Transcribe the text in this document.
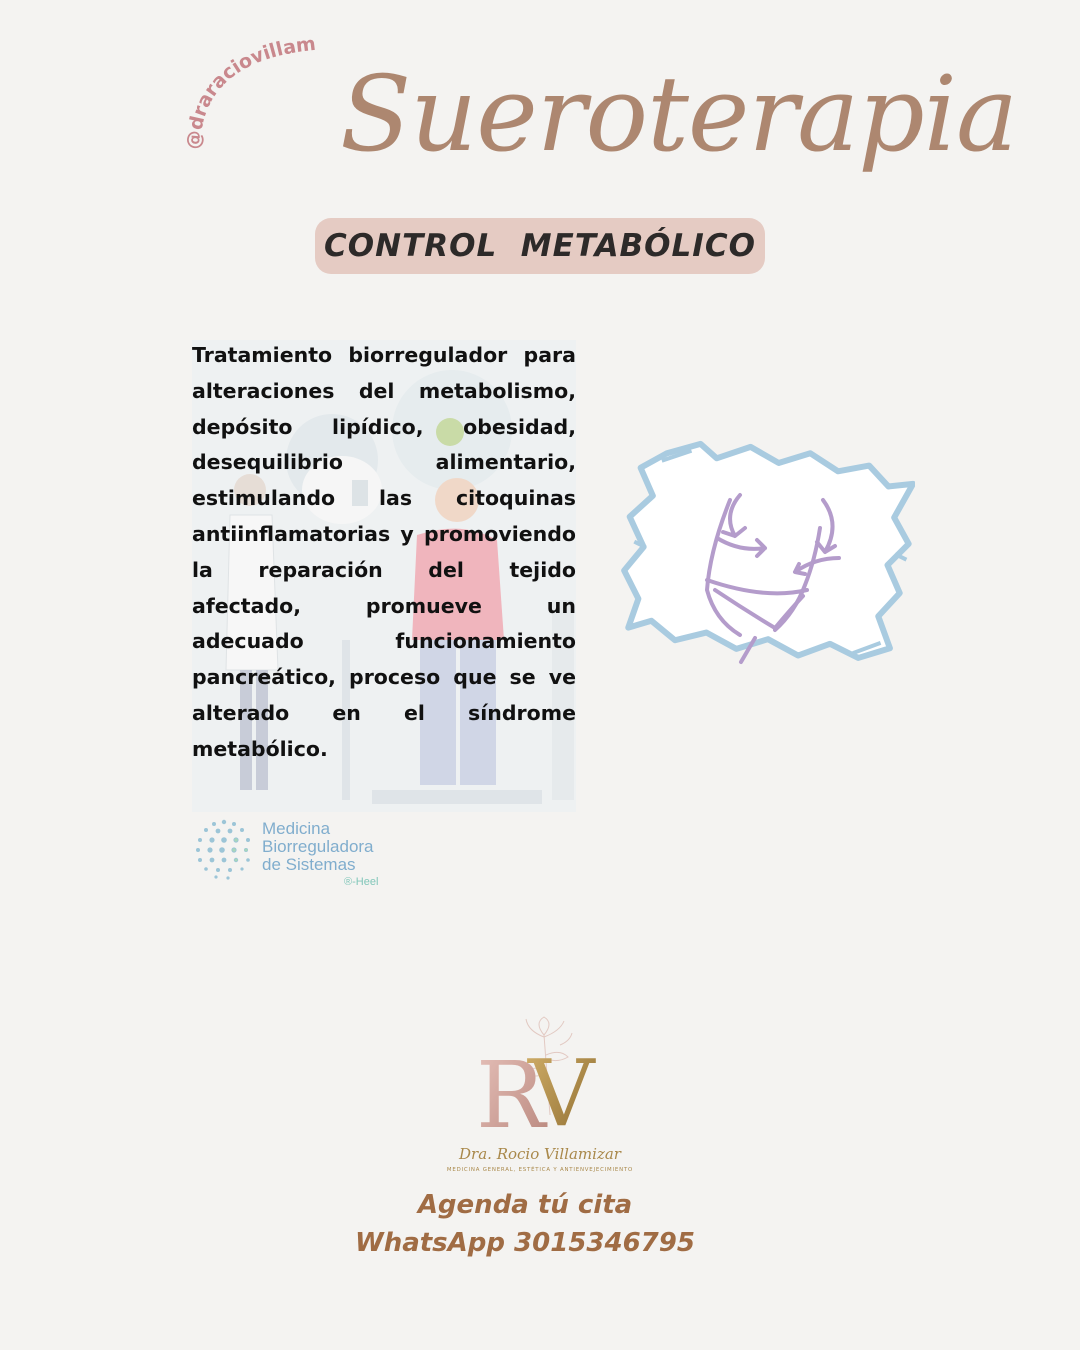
@draraciovillamizar
Sueroterapia
CONTROL  METABÓLICO

Tratamiento biorregulador para alteraciones del metabolismo, depósito lipídico, obesidad, desequilibrio alimentario, estimulando las citoquinas antiinflamatorias y promoviendo la reparación del tejido afectado, promueve un adecuado funcionamiento pancreático, proceso que se ve alterado en el síndrome metabólico.

Medicina
Biorreguladora
de Sistemas
®-Heel
R
V
Dra. Rocio Villamizar
MEDICINA GENERAL, ESTÉTICA Y ANTIENVEJECIMIENTO
Agenda tú cita
WhatsApp 3015346795
